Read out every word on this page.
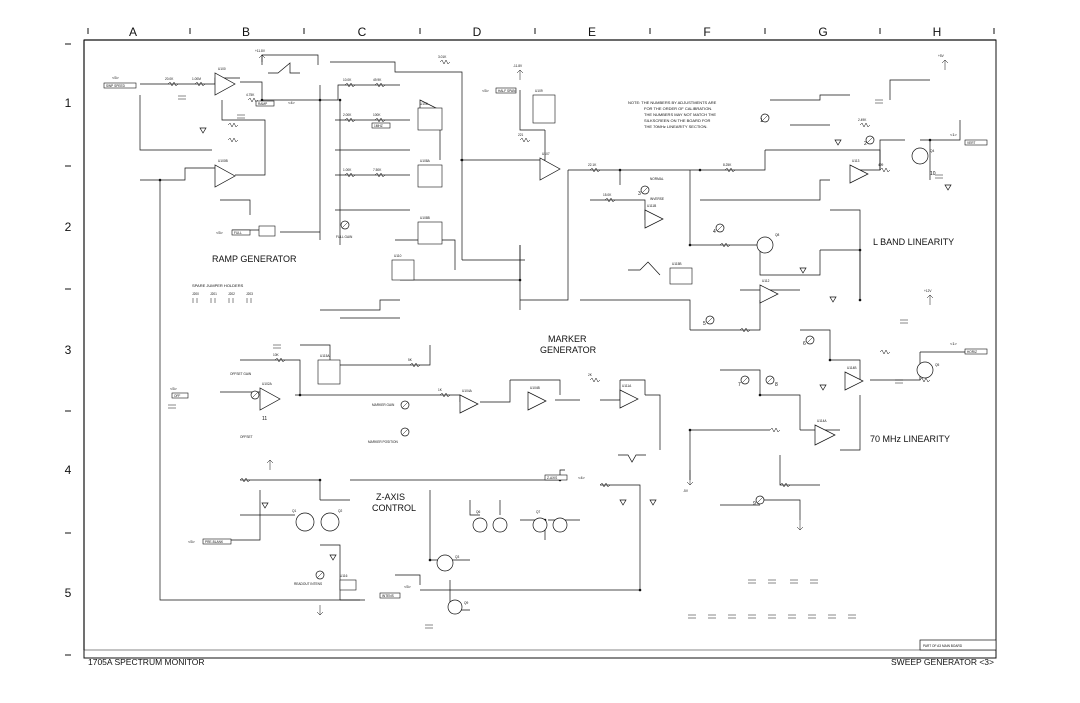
A	B	C	D	E	F	G	H
1
2
3
4
5
RAMP GENERATOR
MARKER
GENERATOR
Z-AXIS
CONTROL
L BAND LINEARITY
70 MHz LINEARITY
NOTE: THE NUMBERS BY ADJUSTMENTS ARE
FOR THE ORDER OF CALIBRATION.
THE NUMBERS MAY NOT MATCH THE
SILKSCREEN ON THE BOARD FOR
THE 70MHz LINEARITY SECTION.
SPARE JUMPER HOLDERS
J200	J201	J202	J203
SWP SPEED
RAMP
HALF SPAN
1MHZ
FULL
Z-AXIS
PRE-BLANK
INTENS
VERT
HORIZ
OFF
INVERSE
NORMAL
<5>
<4>
<5>
<5>
<1>
<1>
<4>
<5>
<5>
<5>
U100
U100B
U102A
U104A
U104B
U106
U107
U108A
U108B
U109
U110
U111A
U111B
U112
U113
U114A
U114B
U115A
U115B
U116
Q1	Q2
Q3
Q4
Q5
Q6	Q7
Q8
Q9
20.0K	1.00M
4.75K
10.0K	49.9K
2.00K	100K
1.00K	7.50K
3.01K
221
22.1K
15.0K
8.25K
2.49K
499
10K
5K
1K
2K
FULL GAIN
OFFSET GAIN
MARKER GAIN
MARKER POSITION
OFFSET
READOUT INTENS
+11.8V
-11.8V
+5V
-5V
+12V
1
2
3
4
5
6
7	8
9
10
11
PART OF A3 MAIN BOARD
1705A SPECTRUM MONITOR	SWEEP GENERATOR <3>
